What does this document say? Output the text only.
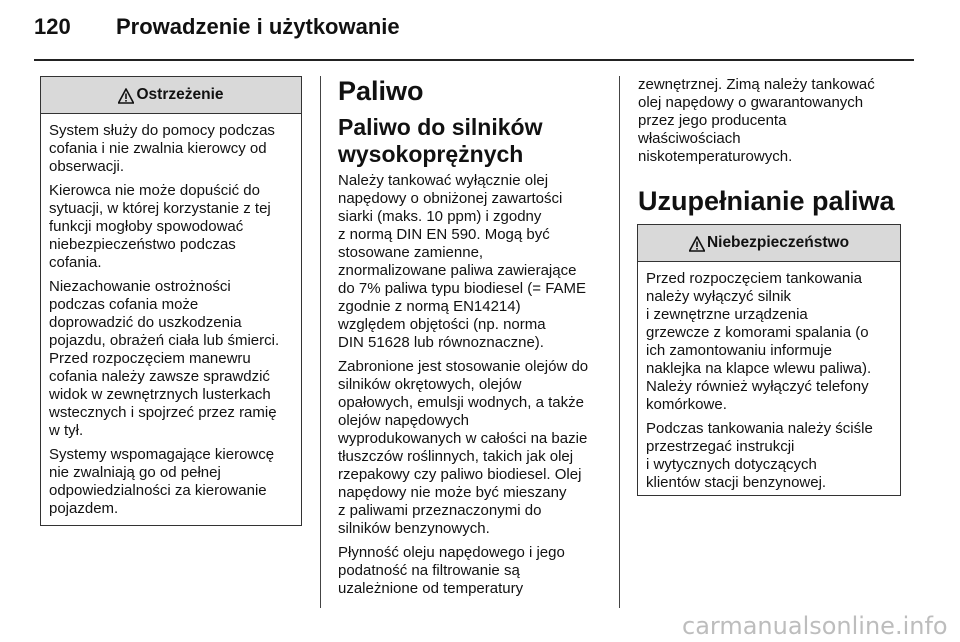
120 Prowadzenie i użytkowanie
Ostrzeżenie

System służy do pomocy podczas
cofania i nie zwalnia kierowcy od
obserwacji.

Kierowca nie może dopuścić do
sytuacji, w której korzystanie z tej
funkcji mogłoby spowodować
niebezpieczeństwo podczas
cofania.

Niezachowanie ostrożności
podczas cofania może
doprowadzić do uszkodzenia
pojazdu, obrażeń ciała lub śmierci.
Przed rozpoczęciem manewru
cofania należy zawsze sprawdzić
widok w zewnętrznych lusterkach
wstecznych i spojrzeć przez ramię
w tył.

Systemy wspomagające kierowcę
nie zwalniają go od pełnej
odpowiedzialności za kierowanie
pojazdem.

Paliwo
Paliwo do silników
wysokoprężnych

Należy tankować wyłącznie olej
napędowy o obniżonej zawartości
siarki (maks. 10 ppm) i zgodny
z normą DIN EN 590. Mogą być
stosowane zamienne,
znormalizowane paliwa zawierające
do 7% paliwa typu biodiesel (= FAME
zgodnie z normą EN14214)
względem objętości (np. norma
DIN 51628 lub równoznaczne).

Zabronione jest stosowanie olejów do
silników okrętowych, olejów
opałowych, emulsji wodnych, a także
olejów napędowych
wyprodukowanych w całości na bazie
tłuszczów roślinnych, takich jak olej
rzepakowy czy paliwo biodiesel. Olej
napędowy nie może być mieszany
z paliwami przeznaczonymi do
silników benzynowych.

Płynność oleju napędowego i jego
podatność na filtrowanie są
uzależnione od temperatury

zewnętrznej. Zimą należy tankować
olej napędowy o gwarantowanych
przez jego producenta
właściwościach
niskotemperaturowych.

Uzupełnianie paliwa
Niebezpieczeństwo

Przed rozpoczęciem tankowania
należy wyłączyć silnik
i zewnętrzne urządzenia
grzewcze z komorami spalania (o
ich zamontowaniu informuje
naklejka na klapce wlewu paliwa).
Należy również wyłączyć telefony
komórkowe.

Podczas tankowania należy ściśle
przestrzegać instrukcji
i wytycznych dotyczących
klientów stacji benzynowej.

carmanualsonline.info
